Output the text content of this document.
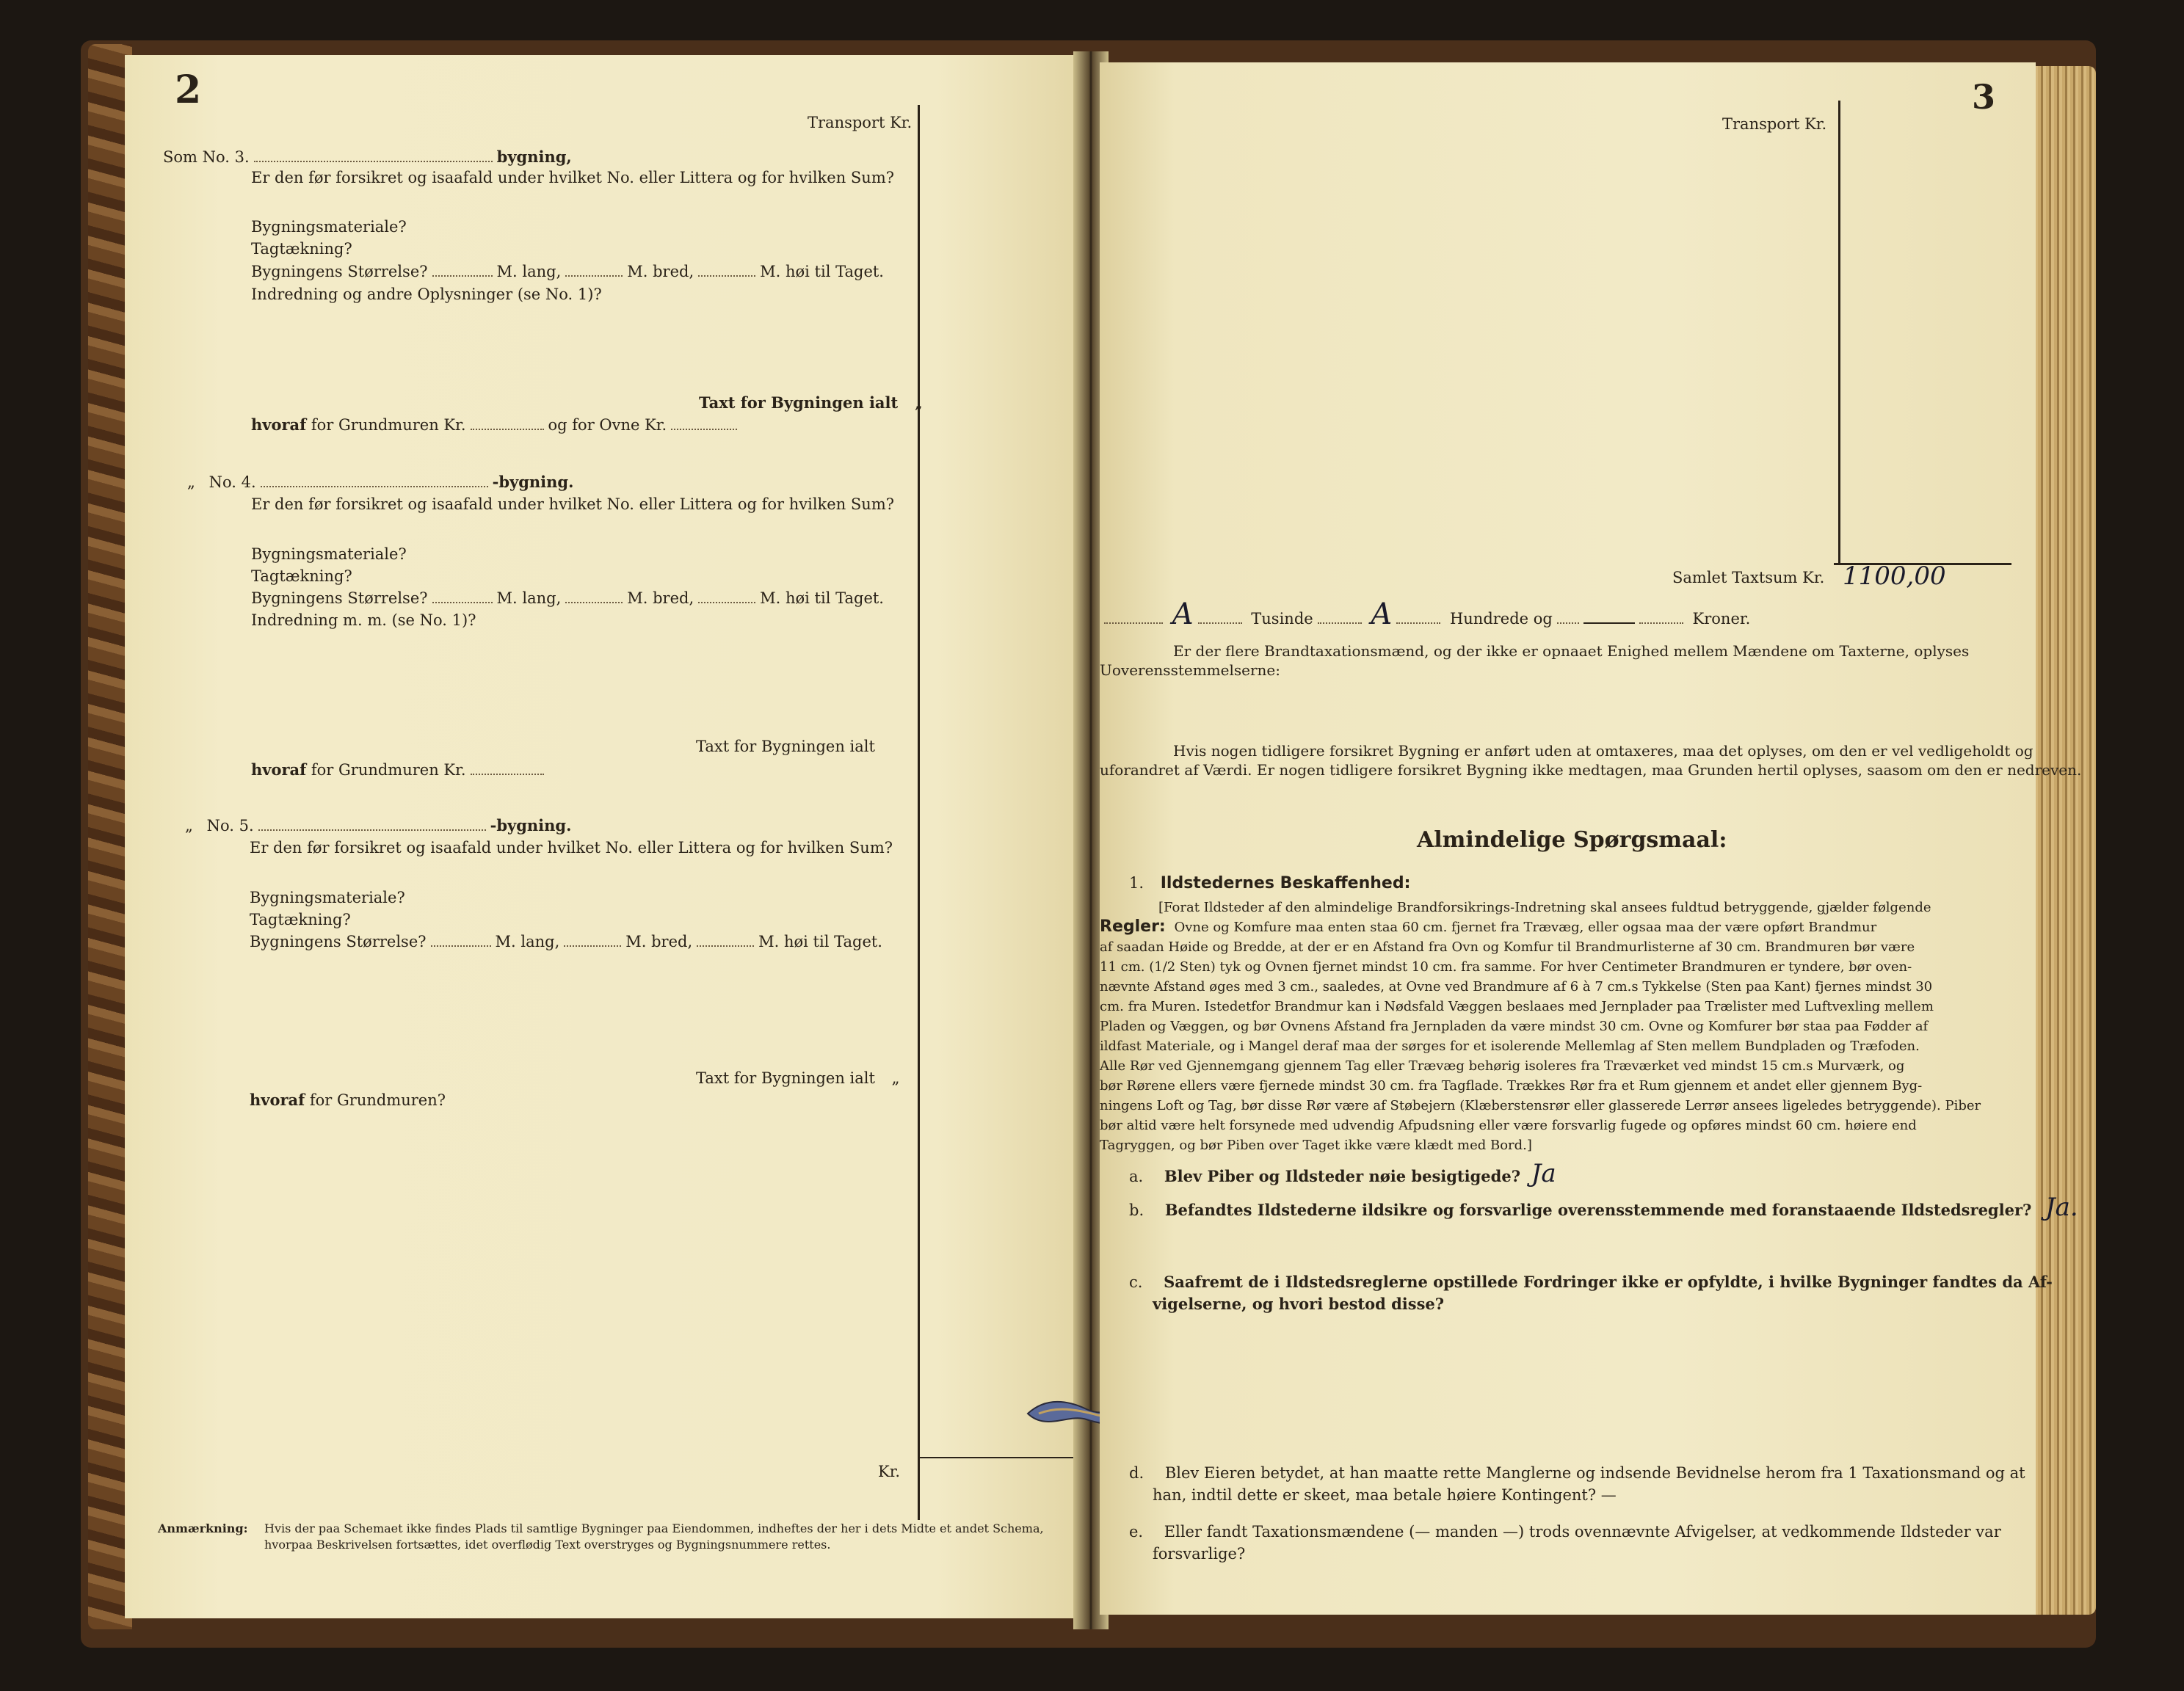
2
Transport Kr.
Som No. 3.	bygning,
Er den før forsikret og isaafald under hvilket No. eller Littera og for hvilken Sum?
Bygningsmateriale?
Tagtækning?
Bygningens Størrelse?	M. lang,	M. bred,	M. høi til Taget.
Indredning og andre Oplysninger (se No. 1)?
Taxt for Bygningen ialt „
hvoraf for Grundmuren Kr.	og for Ovne Kr.
„ No. 4.	-bygning.
Er den før forsikret og isaafald under hvilket No. eller Littera og for hvilken Sum?
Bygningsmateriale?
Tagtækning?
Bygningens Størrelse?	M. lang,	M. bred,	M. høi til Taget.
Indredning m. m. (se No. 1)?
Taxt for Bygningen ialt
hvoraf for Grundmuren Kr.
„ No. 5.	-bygning.
Er den før forsikret og isaafald under hvilket No. eller Littera og for hvilken Sum?
Bygningsmateriale?
Tagtækning?
Bygningens Størrelse?	M. lang,	M. bred,	M. høi til Taget.
Taxt for Bygningen ialt „
hvoraf for Grundmuren?
Kr.
Anmærkning: Hvis der paa Schemaet ikke findes Plads til samtlige Bygninger paa Eiendommen, indheftes der her i dets Midte et andet Schema,
hvorpaa Beskrivelsen fortsættes, idet overflødig Text overstryges og Bygningsnummere rettes.
3
Transport Kr.
Samlet Taxtsum Kr. 1100,00
A	Tusinde A	Hundrede og	Kroner.
Er der flere Brandtaxationsmænd, og der ikke er opnaaet Enighed mellem Mændene om Taxterne, oplyses
Uoverensstemmelserne:
Hvis nogen tidligere forsikret Bygning er anført uden at omtaxeres, maa det oplyses, om den er vel vedligeholdt og
uforandret af Værdi. Er nogen tidligere forsikret Bygning ikke medtagen, maa Grunden hertil oplyses, saasom om den er nedreven.
Almindelige Spørgsmaal:
1. Ildstedernes Beskaffenhed:
[Forat Ildsteder af den almindelige Brandforsikrings-Indretning skal ansees fuldtud betryggende, gjælder følgende
Regler: Ovne og Komfure maa enten staa 60 cm. fjernet fra Trævæg, eller ogsaa maa der være opført Brandmur
af saadan Høide og Bredde, at der er en Afstand fra Ovn og Komfur til Brandmurlisterne af 30 cm. Brandmuren bør være
11 cm. (1/2 Sten) tyk og Ovnen fjernet mindst 10 cm. fra samme. For hver Centimeter Brandmuren er tyndere, bør oven-
nævnte Afstand øges med 3 cm., saaledes, at Ovne ved Brandmure af 6 à 7 cm.s Tykkelse (Sten paa Kant) fjernes mindst 30
cm. fra Muren. Istedetfor Brandmur kan i Nødsfald Væggen beslaaes med Jernplader paa Trælister med Luftvexling mellem
Pladen og Væggen, og bør Ovnens Afstand fra Jernpladen da være mindst 30 cm. Ovne og Komfurer bør staa paa Fødder af
ildfast Materiale, og i Mangel deraf maa der sørges for et isolerende Mellemlag af Sten mellem Bundpladen og Træfoden.
Alle Rør ved Gjennemgang gjennem Tag eller Trævæg behørig isoleres fra Træværket ved mindst 15 cm.s Murværk, og
bør Rørene ellers være fjernede mindst 30 cm. fra Tagflade. Trækkes Rør fra et Rum gjennem et andet eller gjennem Byg-
ningens Loft og Tag, bør disse Rør være af Støbejern (Klæberstensrør eller glasserede Lerrør ansees ligeledes betryggende). Piber
bør altid være helt forsynede med udvendig Afpudsning eller være forsvarlig fugede og opføres mindst 60 cm. høiere end
Tagryggen, og bør Piben over Taget ikke være klædt med Bord.]
a. Blev Piber og Ildsteder nøie besigtigede? Ja
b. Befandtes Ildstederne ildsikre og forsvarlige overensstemmende med foranstaaende Ildstedsregler? Ja.
c. Saafremt de i Ildstedsreglerne opstillede Fordringer ikke er opfyldte, i hvilke Bygninger fandtes da Af-
vigelserne, og hvori bestod disse?
d. Blev Eieren betydet, at han maatte rette Manglerne og indsende Bevidnelse herom fra 1 Taxationsmand og at
han, indtil dette er skeet, maa betale høiere Kontingent? —
e. Eller fandt Taxationsmændene (— manden —) trods ovennævnte Afvigelser, at vedkommende Ildsteder var
forsvarlige?
